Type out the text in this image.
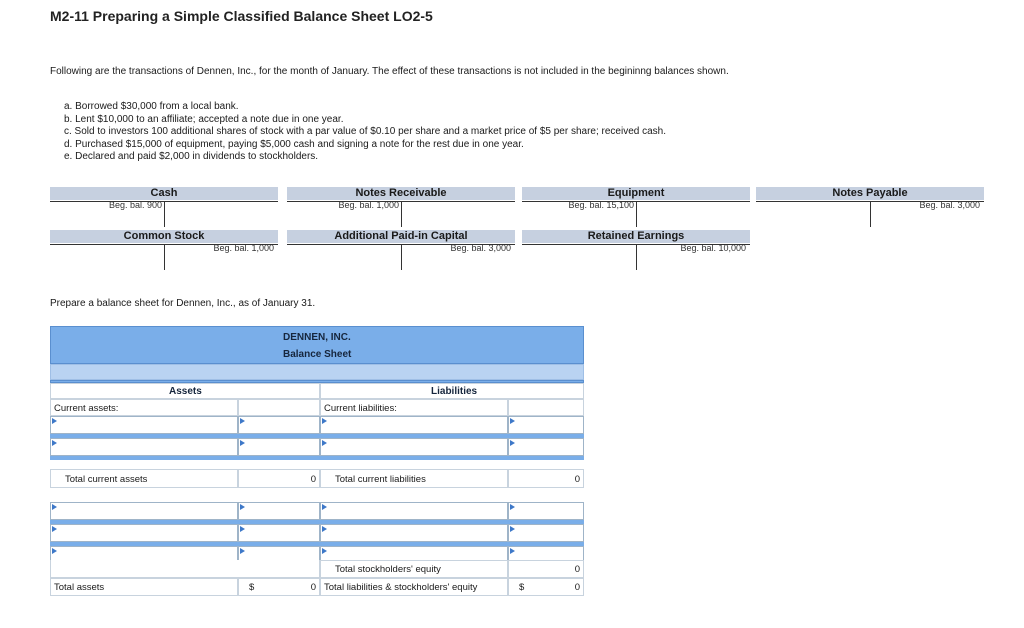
M2-11 Preparing a Simple Classified Balance Sheet LO2-5
Following are the transactions of Dennen, Inc., for the month of January. The effect of these transactions is not included in the begininng balances shown.
a. Borrowed $30,000 from a local bank.
b. Lent $10,000 to an affiliate; accepted a note due in one year.
c. Sold to investors 100 additional shares of stock with a par value of $0.10 per share and a market price of $5 per share; received cash.
d. Purchased $15,000 of equipment, paying $5,000 cash and signing a note for the rest due in one year.
e. Declared and paid $2,000 in dividends to stockholders.
Cash
Beg. bal. 900
Notes Receivable
Beg. bal. 1,000
Equipment
Beg. bal. 15,100
Notes Payable
Beg. bal. 3,000
Common Stock
Beg. bal. 1,000
Additional Paid-in Capital
Beg. bal. 3,000
Retained Earnings
Beg. bal. 10,000
Prepare a balance sheet for Dennen, Inc., as of January 31.
DENNEN, INC.
Balance Sheet
Assets	Liabilities
Current assets:	Current liabilities:
Total current assets	0 Total current liabilities	0
Total stockholders' equity	0
Total assets	$	0 Total liabilities & stockholders' equity	$	0
